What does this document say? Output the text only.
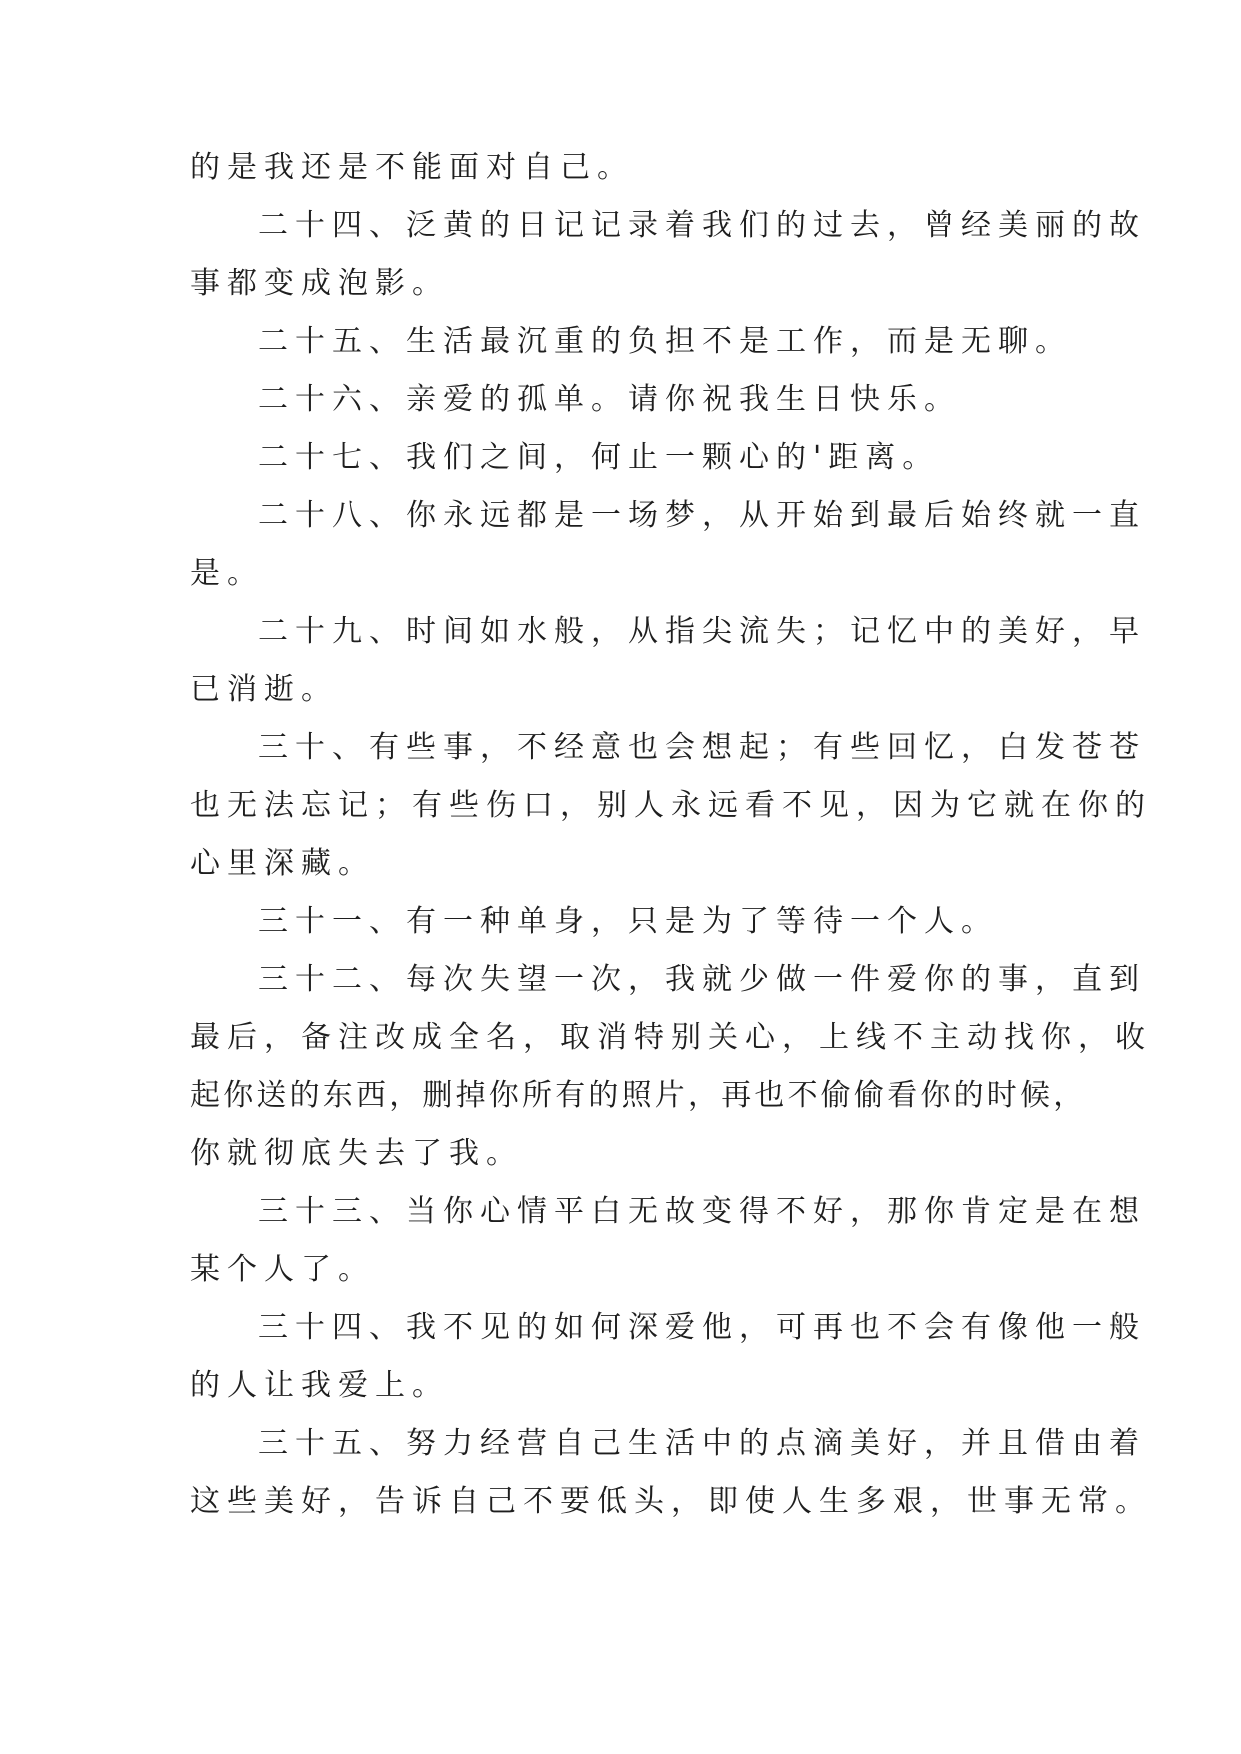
的是我还是不能面对自己。

二十四、泛黄的日记记录着我们的过去，曾经美丽的故

事都变成泡影。

二十五、生活最沉重的负担不是工作，而是无聊。

二十六、亲爱的孤单。请你祝我生日快乐。

二十七、我们之间，何止一颗心的'距离。

二十八、你永远都是一场梦，从开始到最后始终就一直

是。

二十九、时间如水般，从指尖流失；记忆中的美好，早

已消逝。

三十、有些事，不经意也会想起；有些回忆，白发苍苍

也无法忘记；有些伤口，别人永远看不见，因为它就在你的

心里深藏。

三十一、有一种单身，只是为了等待一个人。

三十二、每次失望一次，我就少做一件爱你的事，直到

最后，备注改成全名，取消特别关心，上线不主动找你，收

起你送的东西，删掉你所有的照片，再也不偷偷看你的时候，

你就彻底失去了我。

三十三、当你心情平白无故变得不好，那你肯定是在想

某个人了。

三十四、我不见的如何深爱他，可再也不会有像他一般

的人让我爱上。

三十五、努力经营自己生活中的点滴美好，并且借由着

这些美好，告诉自己不要低头，即使人生多艰，世事无常。
